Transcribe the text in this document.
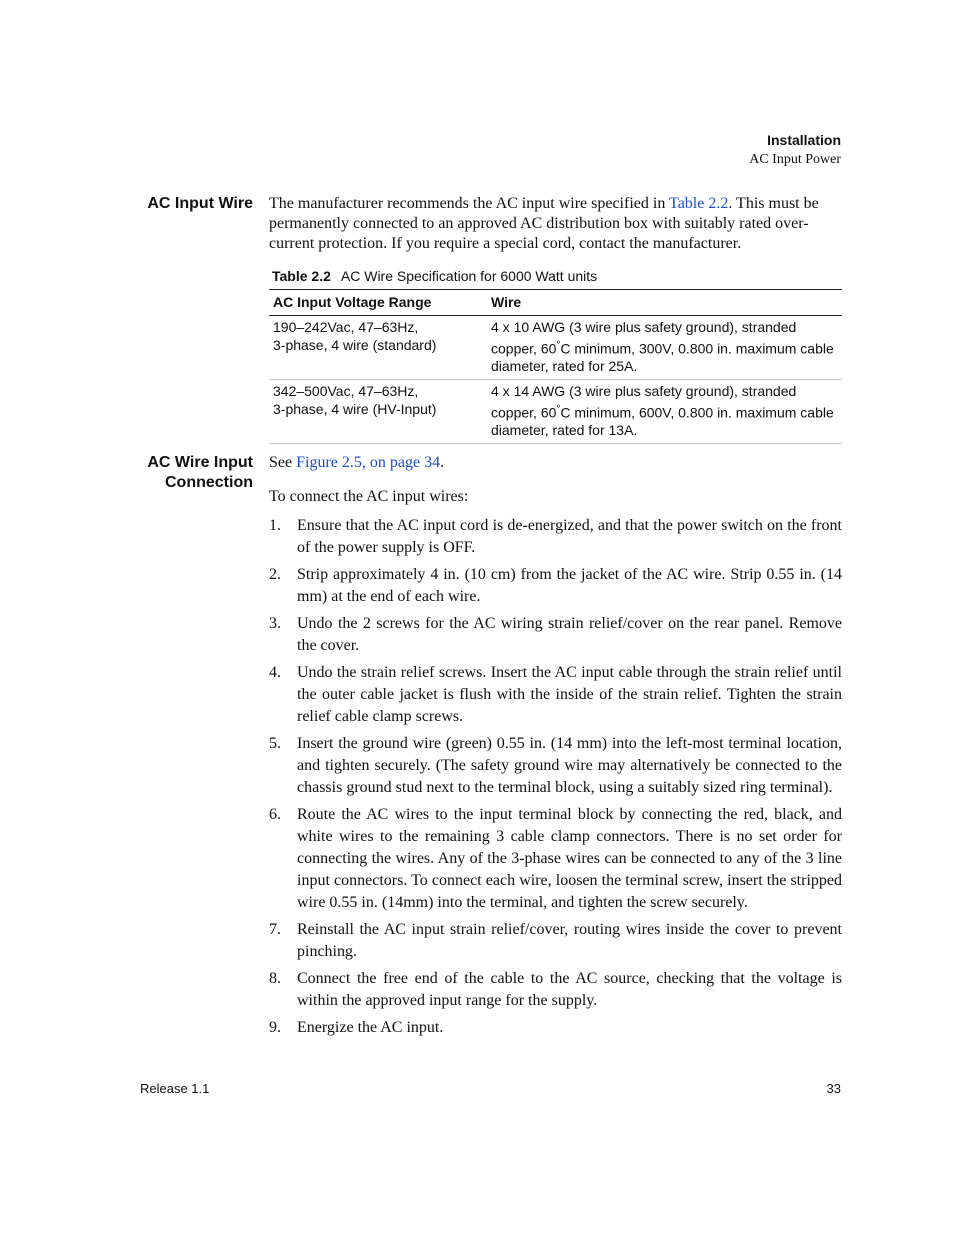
Installation
AC Input Power
AC Input Wire The manufacturer recommends the AC input wire specified in Table 2.2. This must be permanently connected to an approved AC distribution box with suitably rated over-current protection. If you require a special cord, contact the manufacturer.
Table 2.2 AC Wire Specification for 6000 Watt units
AC Input Voltage Range	Wire
190–242Vac, 47–63Hz,
3-phase, 4 wire (standard)	4 x 10 AWG (3 wire plus safety ground), stranded copper, 60°C minimum, 300V, 0.800 in. maximum cable diameter, rated for 25A.
342–500Vac, 47–63Hz,
3-phase, 4 wire (HV-Input)	4 x 14 AWG (3 wire plus safety ground), stranded copper, 60°C minimum, 600V, 0.800 in. maximum cable diameter, rated for 13A.
AC Wire Input
Connection
See Figure 2.5, on page 34.
To connect the AC input wires:
1. Ensure that the AC input cord is de-energized, and that the power switch on the front of the power supply is OFF.
2. Strip approximately 4 in. (10 cm) from the jacket of the AC wire. Strip 0.55 in. (14 mm) at the end of each wire.
3. Undo the 2 screws for the AC wiring strain relief/cover on the rear panel. Remove the cover.
4. Undo the strain relief screws. Insert the AC input cable through the strain relief until the outer cable jacket is flush with the inside of the strain relief. Tighten the strain relief cable clamp screws.
5. Insert the ground wire (green) 0.55 in. (14 mm) into the left-most terminal location, and tighten securely. (The safety ground wire may alternatively be connected to the chassis ground stud next to the terminal block, using a suitably sized ring terminal).
6. Route the AC wires to the input terminal block by connecting the red, black, and white wires to the remaining 3 cable clamp connectors. There is no set order for connecting the wires. Any of the 3-phase wires can be connected to any of the 3 line input connectors. To connect each wire, loosen the terminal screw, insert the stripped wire 0.55 in. (14mm) into the terminal, and tighten the screw securely.
7. Reinstall the AC input strain relief/cover, routing wires inside the cover to prevent pinching.
8. Connect the free end of the cable to the AC source, checking that the voltage is within the approved input range for the supply.
9. Energize the AC input.
Release 1.1	33
